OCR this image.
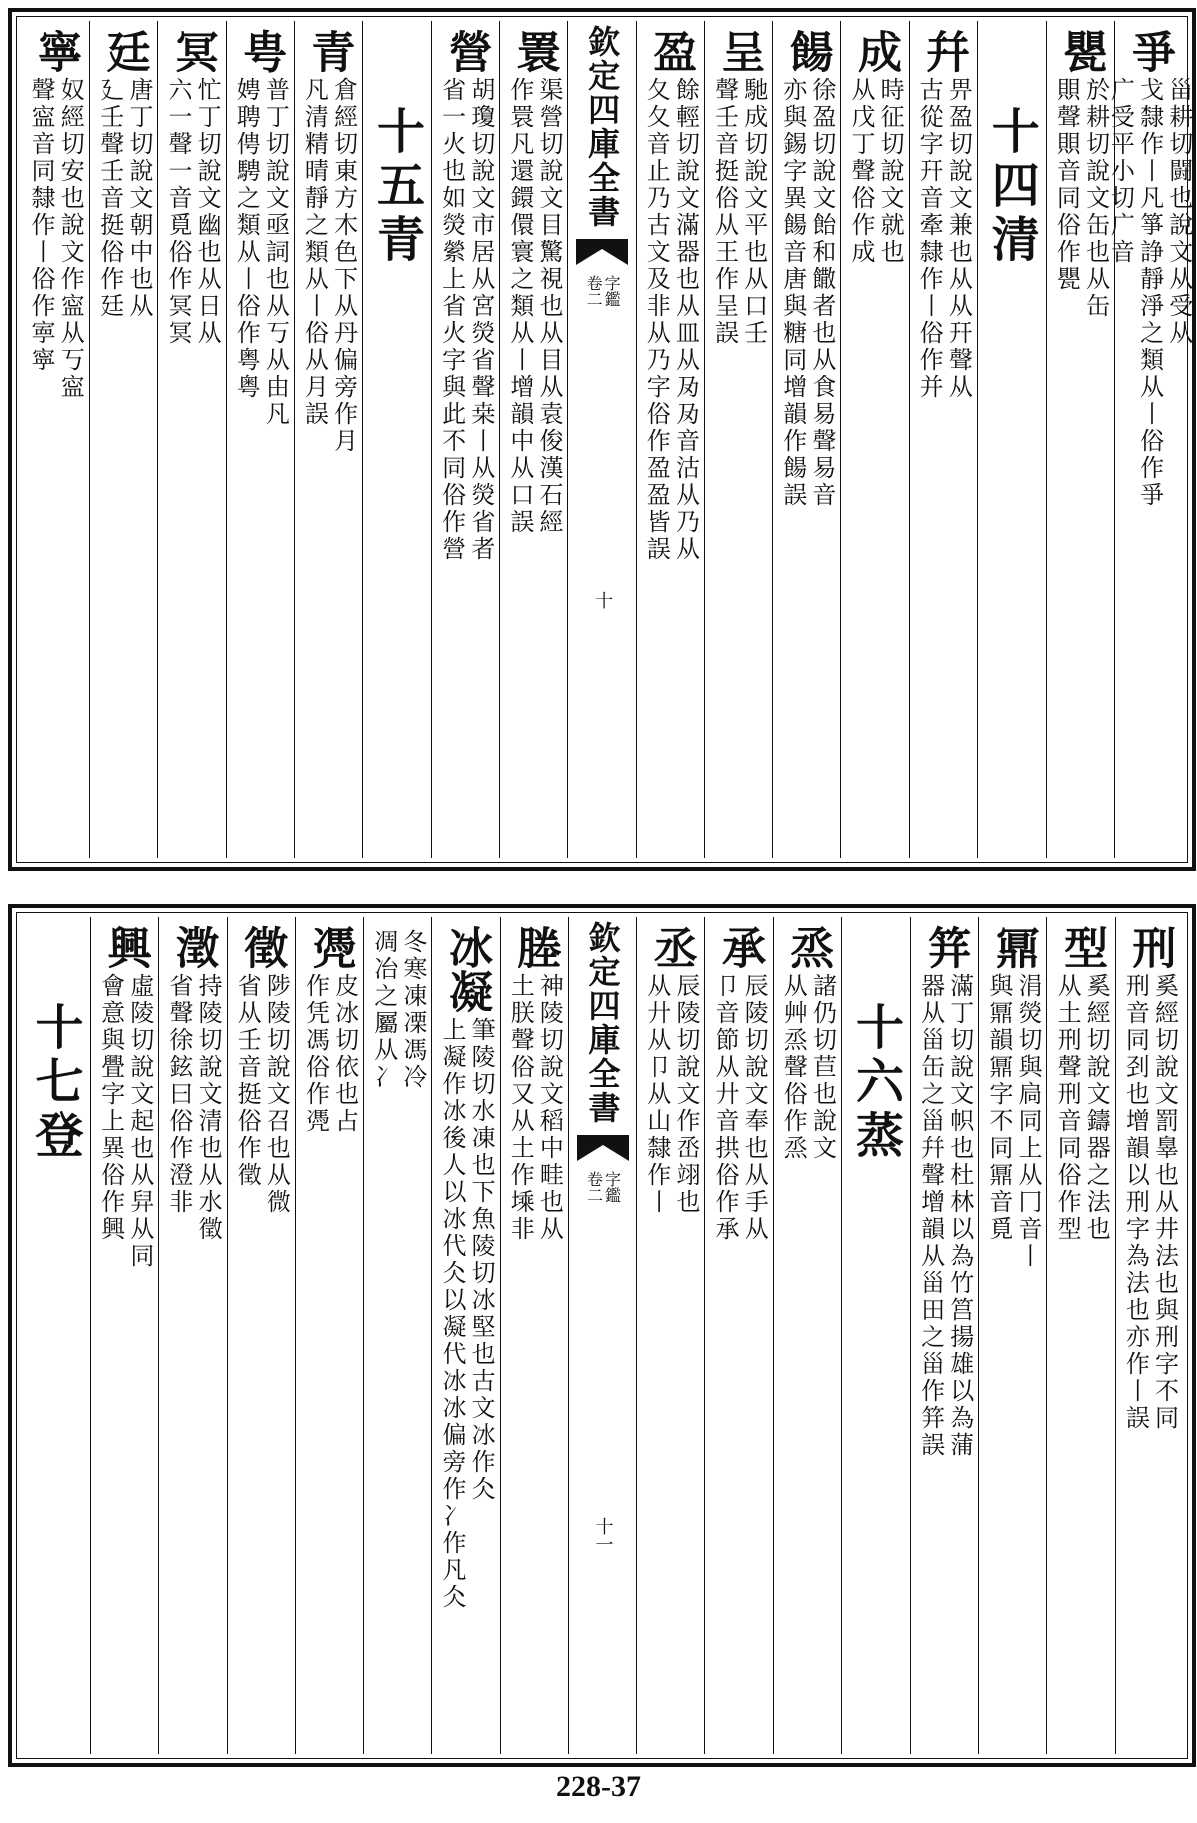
爭
甾耕切闘也說文从受从
戈隸作丨凡箏諍靜淨之類从丨俗作爭
广受平小切广音
甖
於耕切說文缶也从缶
賏聲賏音同俗作甖
十四清
幷
畀盈切說文兼也从从幵聲从
古從字幵音牽隸作丨俗作并
成
時征切說文就也
从戊丁聲俗作成
餳
徐盈切說文飴和饊者也从食易聲易音
亦與錫字異餳音唐與糖同增韻作餳誤
呈
馳成切說文平也从口壬
聲壬音挺俗从王作呈誤
盈
餘輕切說文滿器也从皿从夃夃音沽从乃从
夂夂音止乃古文及非从乃字俗作盈盈皆誤
欽定四庫全書
字鑑
卷二
十
瞏
渠營切說文目驚視也从目从袁俊漢石經
作睘凡還鐶儇寰之類从丨增韻中从口誤
營
胡瓊切說文市居从宮熒省聲桒丨从熒省者
省一火也如熒縈上省火字與此不同俗作營
十五青
青
倉經切東方木色下从丹偏旁作月
凡清精晴靜之類从丨俗从月誤
甹
普丁切說文亟詞也从丂从由凡
娉聘俜騁之類从丨俗作粤粤
冥
忙丁切說文幽也从日从
六一聲一音覓俗作冥冥
廷
唐丁切說文朝中也从
廴壬聲壬音挺俗作廷
寧
奴經切安也說文作寍从丂寍
聲寍音同隸作丨俗作寕寜
刑
奚經切說文罰辠也从井法也與刑字不同
刑音同刭也增韻以刑字為法也亦作丨誤
型
奚經切說文鑄器之法也
从土刑聲刑音同俗作型
鼏
涓熒切與扃同上从冂音丨
與鼏韻鼏字不同鼏音覓
䈂
滿丁切說文帜也杜林以為竹筥揚雄以為蒲
器从甾缶之甾幷聲增韻从甾田之甾作䈂誤
十六蒸
烝
諸仍切苣也說文
从艸烝聲俗作烝
承
辰陵切說文奉也从手从
卩音節从廾音拱俗作承
丞
辰陵切說文作㞼翊也
从廾从卩从山隸作丨
欽定四庫全書
字鑑
卷二
十一
塍
神陵切說文稻中畦也从
土朕聲俗又从土作塖非
冰凝
筆陵切水凍也下魚陵切冰堅也古文冰作仌
上凝作冰後人以冰代仌以凝代冰冰偏旁作冫作凡仌
冬寒凍凓馮冷
凋冶之屬从冫
凴
皮冰切依也占
作凭馮俗作凴
徵
陟陵切說文召也从微
省从壬音挺俗作徵
澂
持陵切說文清也从水徵
省聲徐鉉曰俗作澄非
興
虛陵切說文起也从舁从同
會意與舋字上異俗作興
十七登
228-37
